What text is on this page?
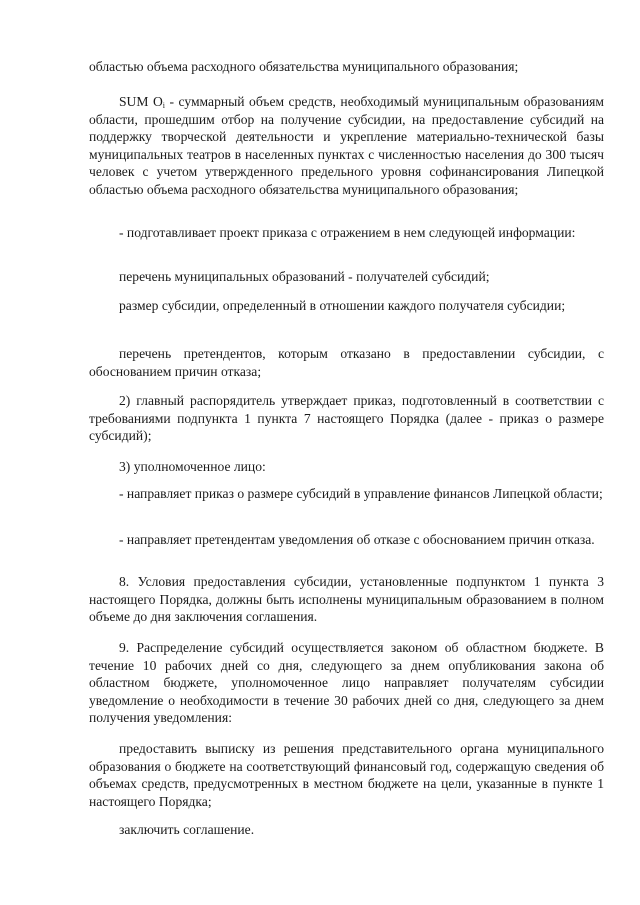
областью объема расходного обязательства муниципального образования;

SUM $O_i$ - суммарный объем средств, необходимый муниципальным образованиям области, прошедшим отбор на получение субсидии, на предоставление субсидий на поддержку творческой деятельности и укрепление материально-технической базы муниципальных театров в населенных пунктах с численностью населения до 300 тысяч человек с учетом утвержденного предельного уровня софинансирования Липецкой областью объема расходного обязательства муниципального образования;

- подготавливает проект приказа с отражением в нем следующей информации:

перечень муниципальных образований - получателей субсидий;

размер субсидии, определенный в отношении каждого получателя субсидии;

перечень претендентов, которым отказано в предоставлении субсидии, с обоснованием причин отказа;

2) главный распорядитель утверждает приказ, подготовленный в соответствии с требованиями подпункта 1 пункта 7 настоящего Порядка (далее - приказ о размере субсидий);

3) уполномоченное лицо:

- направляет приказ о размере субсидий в управление финансов Липецкой области;

- направляет претендентам уведомления об отказе с обоснованием причин отказа.

8. Условия предоставления субсидии, установленные подпунктом 1 пункта 3 настоящего Порядка, должны быть исполнены муниципальным образованием в полном объеме до дня заключения соглашения.

9. Распределение субсидий осуществляется законом об областном бюджете. В течение 10 рабочих дней со дня, следующего за днем опубликования закона об областном бюджете, уполномоченное лицо направляет получателям субсидии уведомление о необходимости в течение 30 рабочих дней со дня, следующего за днем получения уведомления:

предоставить выписку из решения представительного органа муниципального образования о бюджете на соответствующий финансовый год, содержащую сведения об объемах средств, предусмотренных в местном бюджете на цели, указанные в пункте 1 настоящего Порядка;

заключить соглашение.
